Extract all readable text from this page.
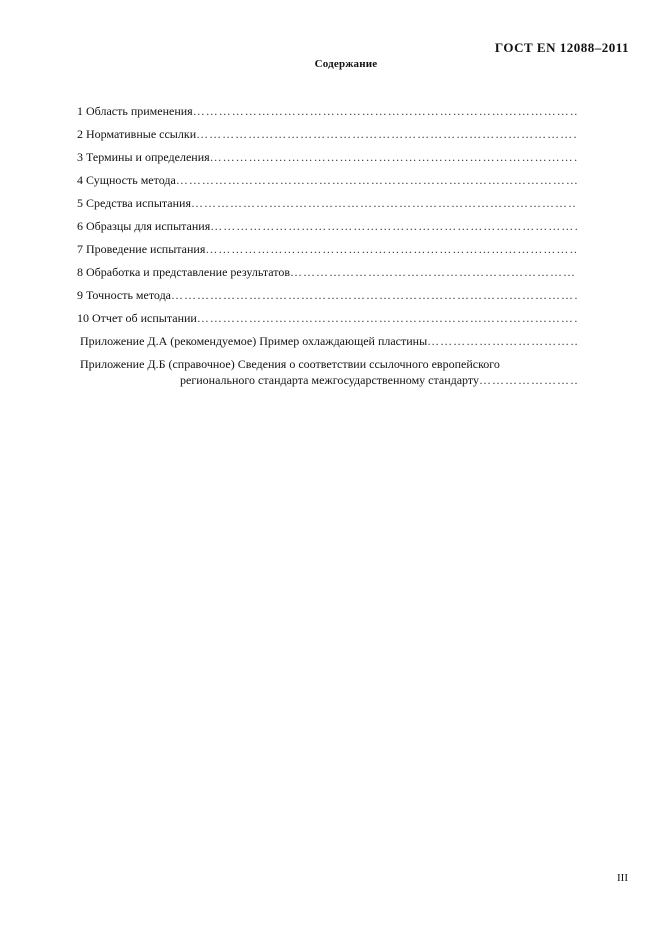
ГОСТ EN 12088–2011
Содержание
1 Область применения
………………………………………………………………………………………………………………………………………………………………………………………………………
2 Нормативные ссылки
………………………………………………………………………………………………………………………………………………………………………………………………………
3 Термины и определения
………………………………………………………………………………………………………………………………………………………………………………………………………
4 Сущность метода
………………………………………………………………………………………………………………………………………………………………………………………………………
5 Средства испытания
………………………………………………………………………………………………………………………………………………………………………………………………………
6 Образцы для испытания
………………………………………………………………………………………………………………………………………………………………………………………………………
7 Проведение испытания
………………………………………………………………………………………………………………………………………………………………………………………………………
8 Обработка и представление результатов
………………………………………………………………………………………………………………………………………………………………………………………………………
9 Точность метода
………………………………………………………………………………………………………………………………………………………………………………………………………
10 Отчет об испытании
………………………………………………………………………………………………………………………………………………………………………………………………………
Приложение Д.А (рекомендуемое) Пример охлаждающей пластины
………………………………………………………………………………………………………………………………………………………………………………………………………
Приложение Д.Б (справочное) Сведения о соответствии ссылочного европейского
регионального стандарта межгосударственному стандарту
………………………………………………………………………………………………………………………………
III
